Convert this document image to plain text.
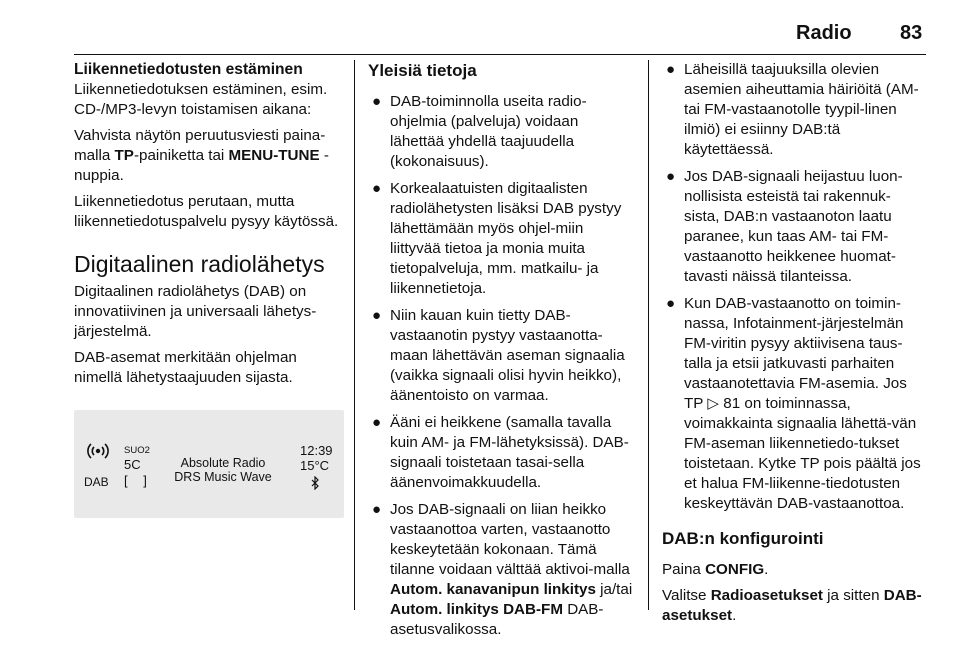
Radio 83
Liikennetiedotusten estäminen

Liikennetiedotuksen estäminen, esim. CD-/MP3-levyn toistamisen aikana:

Vahvista näytön peruutusviesti paina-malla TP-painiketta tai MENU-TUNE -nuppia.

Liikennetiedotus perutaan, mutta liikennetiedotuspalvelu pysyy käytössä.

Digitaalinen radiolähetys

Digitaalinen radiolähetys (DAB) on innovatiivinen ja universaali lähetys-järjestelmä.

DAB-asemat merkitään ohjelman nimellä lähetystaajuuden sijasta.

DAB
SUO2
5C
[ ]
Absolute Radio
DRS Music Wave
12:39
15°C
Yleisiä tietoja
● DAB-toiminnolla useita radio-ohjelmia (palveluja) voidaan lähettää yhdellä taajuudella (kokonaisuus).
● Korkealaatuisten digitaalisten radiolähetysten lisäksi DAB pystyy lähettämään myös ohjel-miin liittyvää tietoa ja monia muita tietopalveluja, mm. matkailu- ja liikennetietoja.
● Niin kauan kuin tietty DAB-vastaanotin pystyy vastaanotta-maan lähettävän aseman signaalia (vaikka signaali olisi hyvin heikko), äänentoisto on varmaa.
● Ääni ei heikkene (samalla tavalla kuin AM- ja FM-lähetyksissä). DAB-signaali toistetaan tasai-sella äänenvoimakkuudella.
● Jos DAB-signaali on liian heikko vastaanottoa varten, vastaanotto keskeytetään kokonaan. Tämä tilanne voidaan välttää aktivoi-malla Autom. kanavanipun linkitys ja/tai Autom. linkitys DAB-FM DAB-asetusvalikossa.
● Läheisillä taajuuksilla olevien asemien aiheuttamia häiriöitä (AM- tai FM-vastaanotolle tyypil-linen ilmiö) ei esiinny DAB:tä käytettäessä.
● Jos DAB-signaali heijastuu luon-nollisista esteistä tai rakennuk-sista, DAB:n vastaanoton laatu paranee, kun taas AM- tai FM-vastaanotto heikkenee huomat-tavasti näissä tilanteissa.
● Kun DAB-vastaanotto on toimin-nassa, Infotainment-järjestelmän FM-viritin pysyy aktiivisena taus-talla ja etsii jatkuvasti parhaiten vastaanotettavia FM-asemia. Jos TP ▷ 81 on toiminnassa, voimakkainta signaalia lähettä-vän FM-aseman liikennetiedo-tukset toistetaan. Kytke TP pois päältä jos et halua FM-liikenne-tiedotusten keskeyttävän DAB-vastaanottoa.
DAB:n konfigurointi

Paina CONFIG.

Valitse Radioasetukset ja sitten DAB-asetukset.
